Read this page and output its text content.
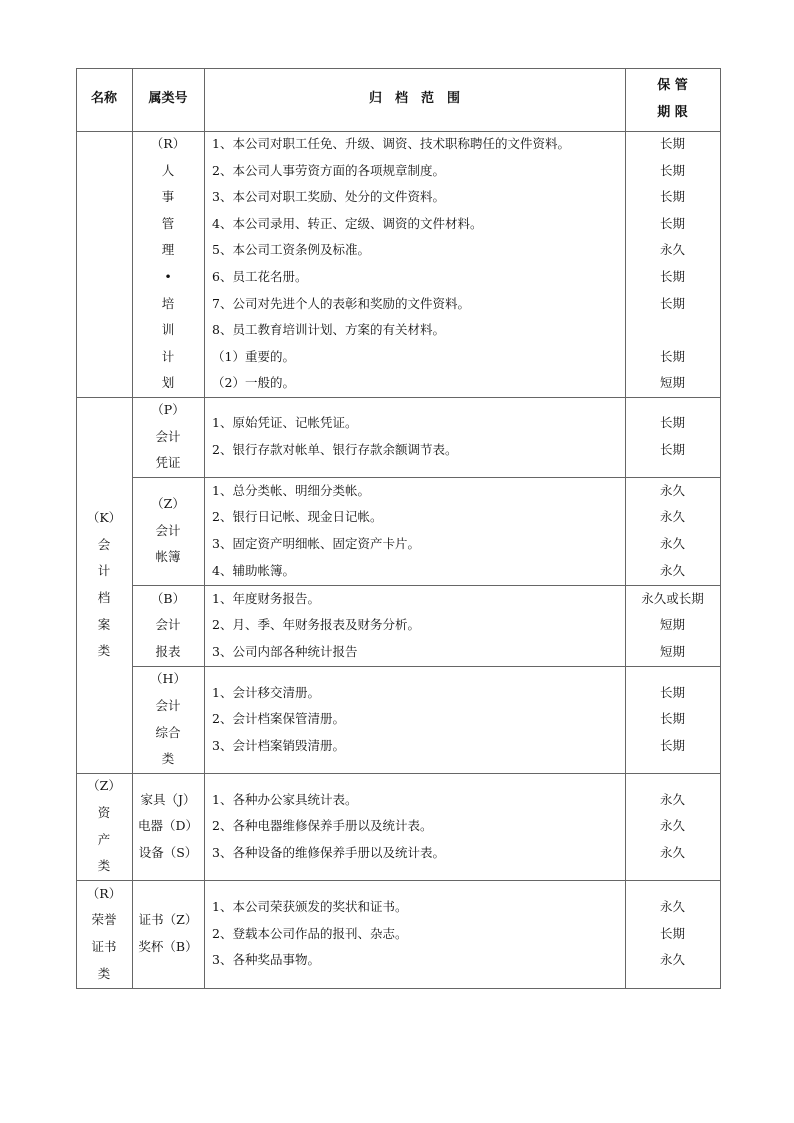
名称 属类号	归　档　范　围
保 管
期 限
（R）
人
事
管
理
•
培
训
计
划
1、本公司对职工任免、升级、调资、技术职称聘任的文件资料。
2、本公司人事劳资方面的各项规章制度。
3、本公司对职工奖励、处分的文件资料。
4、本公司录用、转正、定级、调资的文件材料。
5、本公司工资条例及标准。
6、员工花名册。
7、公司对先进个人的表彰和奖励的文件资料。
8、员工教育培训计划、方案的有关材料。
（1）重要的。
（2）一般的。
长期
长期
长期
长期
永久
长期
长期
长期
短期
（K）
会
计
档
案
类
（P）
会计
凭证
1、原始凭证、记帐凭证。
2、银行存款对帐单、银行存款余额调节表。
长期
长期
（Z）
会计
帐簿
1、总分类帐、明细分类帐。
2、银行日记帐、现金日记帐。
3、固定资产明细帐、固定资产卡片。
4、辅助帐簿。
永久
永久
永久
永久
（B）
会计
报表
1、年度财务报告。
2、月、季、年财务报表及财务分析。
3、公司内部各种统计报告
永久或长期
短期
短期
（H）
会计
综合
类
1、会计移交清册。
2、会计档案保管清册。
3、会计档案销毁清册。
长期
长期
长期
（Z）
资
产
类
家具（J）
电器（D）
设备（S）
1、各种办公家具统计表。
2、各种电器维修保养手册以及统计表。
3、各种设备的维修保养手册以及统计表。
永久
永久
永久
（R）
荣誉
证书
类
证书（Z）
奖杯（B）
1、本公司荣获颁发的奖状和证书。
2、登载本公司作品的报刊、杂志。
3、各种奖品事物。
永久
长期
永久
